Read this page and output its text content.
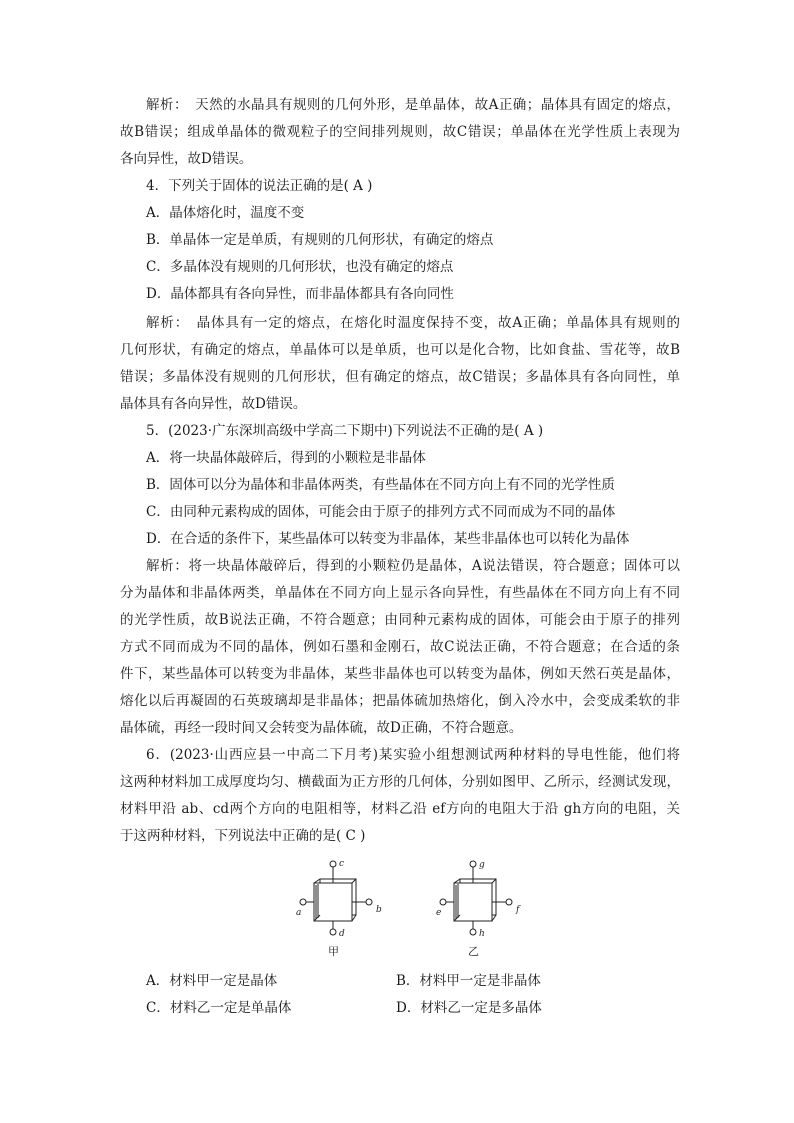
解析：　天然的水晶具有规则的几何外形，是单晶体，故A正确；晶体具有固定的熔点，
故B错误；组成单晶体的微观粒子的空间排列规则，故C错误；单晶体在光学性质上表现为
各向异性，故D错误。
4．下列关于固体的说法正确的是( A )
A．晶体熔化时，温度不变
B．单晶体一定是单质，有规则的几何形状，有确定的熔点
C．多晶体没有规则的几何形状，也没有确定的熔点
D．晶体都具有各向异性，而非晶体都具有各向同性
解析：　晶体具有一定的熔点，在熔化时温度保持不变，故A正确；单晶体具有规则的
几何形状，有确定的熔点，单晶体可以是单质，也可以是化合物，比如食盐、雪花等，故B
错误；多晶体没有规则的几何形状，但有确定的熔点，故C错误；多晶体具有各向同性，单
晶体具有各向异性，故D错误。
5．(2023·广东深圳高级中学高二下期中)下列说法不正确的是( A )
A．将一块晶体敲碎后，得到的小颗粒是非晶体
B．固体可以分为晶体和非晶体两类，有些晶体在不同方向上有不同的光学性质
C．由同种元素构成的固体，可能会由于原子的排列方式不同而成为不同的晶体
D．在合适的条件下，某些晶体可以转变为非晶体，某些非晶体也可以转化为晶体
解析：将一块晶体敲碎后，得到的小颗粒仍是晶体，A说法错误，符合题意；固体可以
分为晶体和非晶体两类，单晶体在不同方向上显示各向异性，有些晶体在不同方向上有不同
的光学性质，故B说法正确，不符合题意；由同种元素构成的固体，可能会由于原子的排列
方式不同而成为不同的晶体，例如石墨和金刚石，故C说法正确，不符合题意；在合适的条
件下，某些晶体可以转变为非晶体，某些非晶体也可以转变为晶体，例如天然石英是晶体，
熔化以后再凝固的石英玻璃却是非晶体；把晶体硫加热熔化，倒入冷水中，会变成柔软的非
晶体硫，再经一段时间又会转变为晶体硫，故D正确，不符合题意。
6．(2023·山西应县一中高二下月考)某实验小组想测试两种材料的导电性能，他们将
这两种材料加工成厚度均匀、横截面为正方形的几何体，分别如图甲、乙所示，经测试发现，
材料甲沿 ab、cd两个方向的电阻相等，材料乙沿 ef方向的电阻大于沿 gh方向的电阻，关
于这两种材料，下列说法中正确的是( C )
c
d
a	b
甲
g
h
e	f
乙
A．材料甲一定是晶体	B．材料甲一定是非晶体
C．材料乙一定是单晶体	D．材料乙一定是多晶体
